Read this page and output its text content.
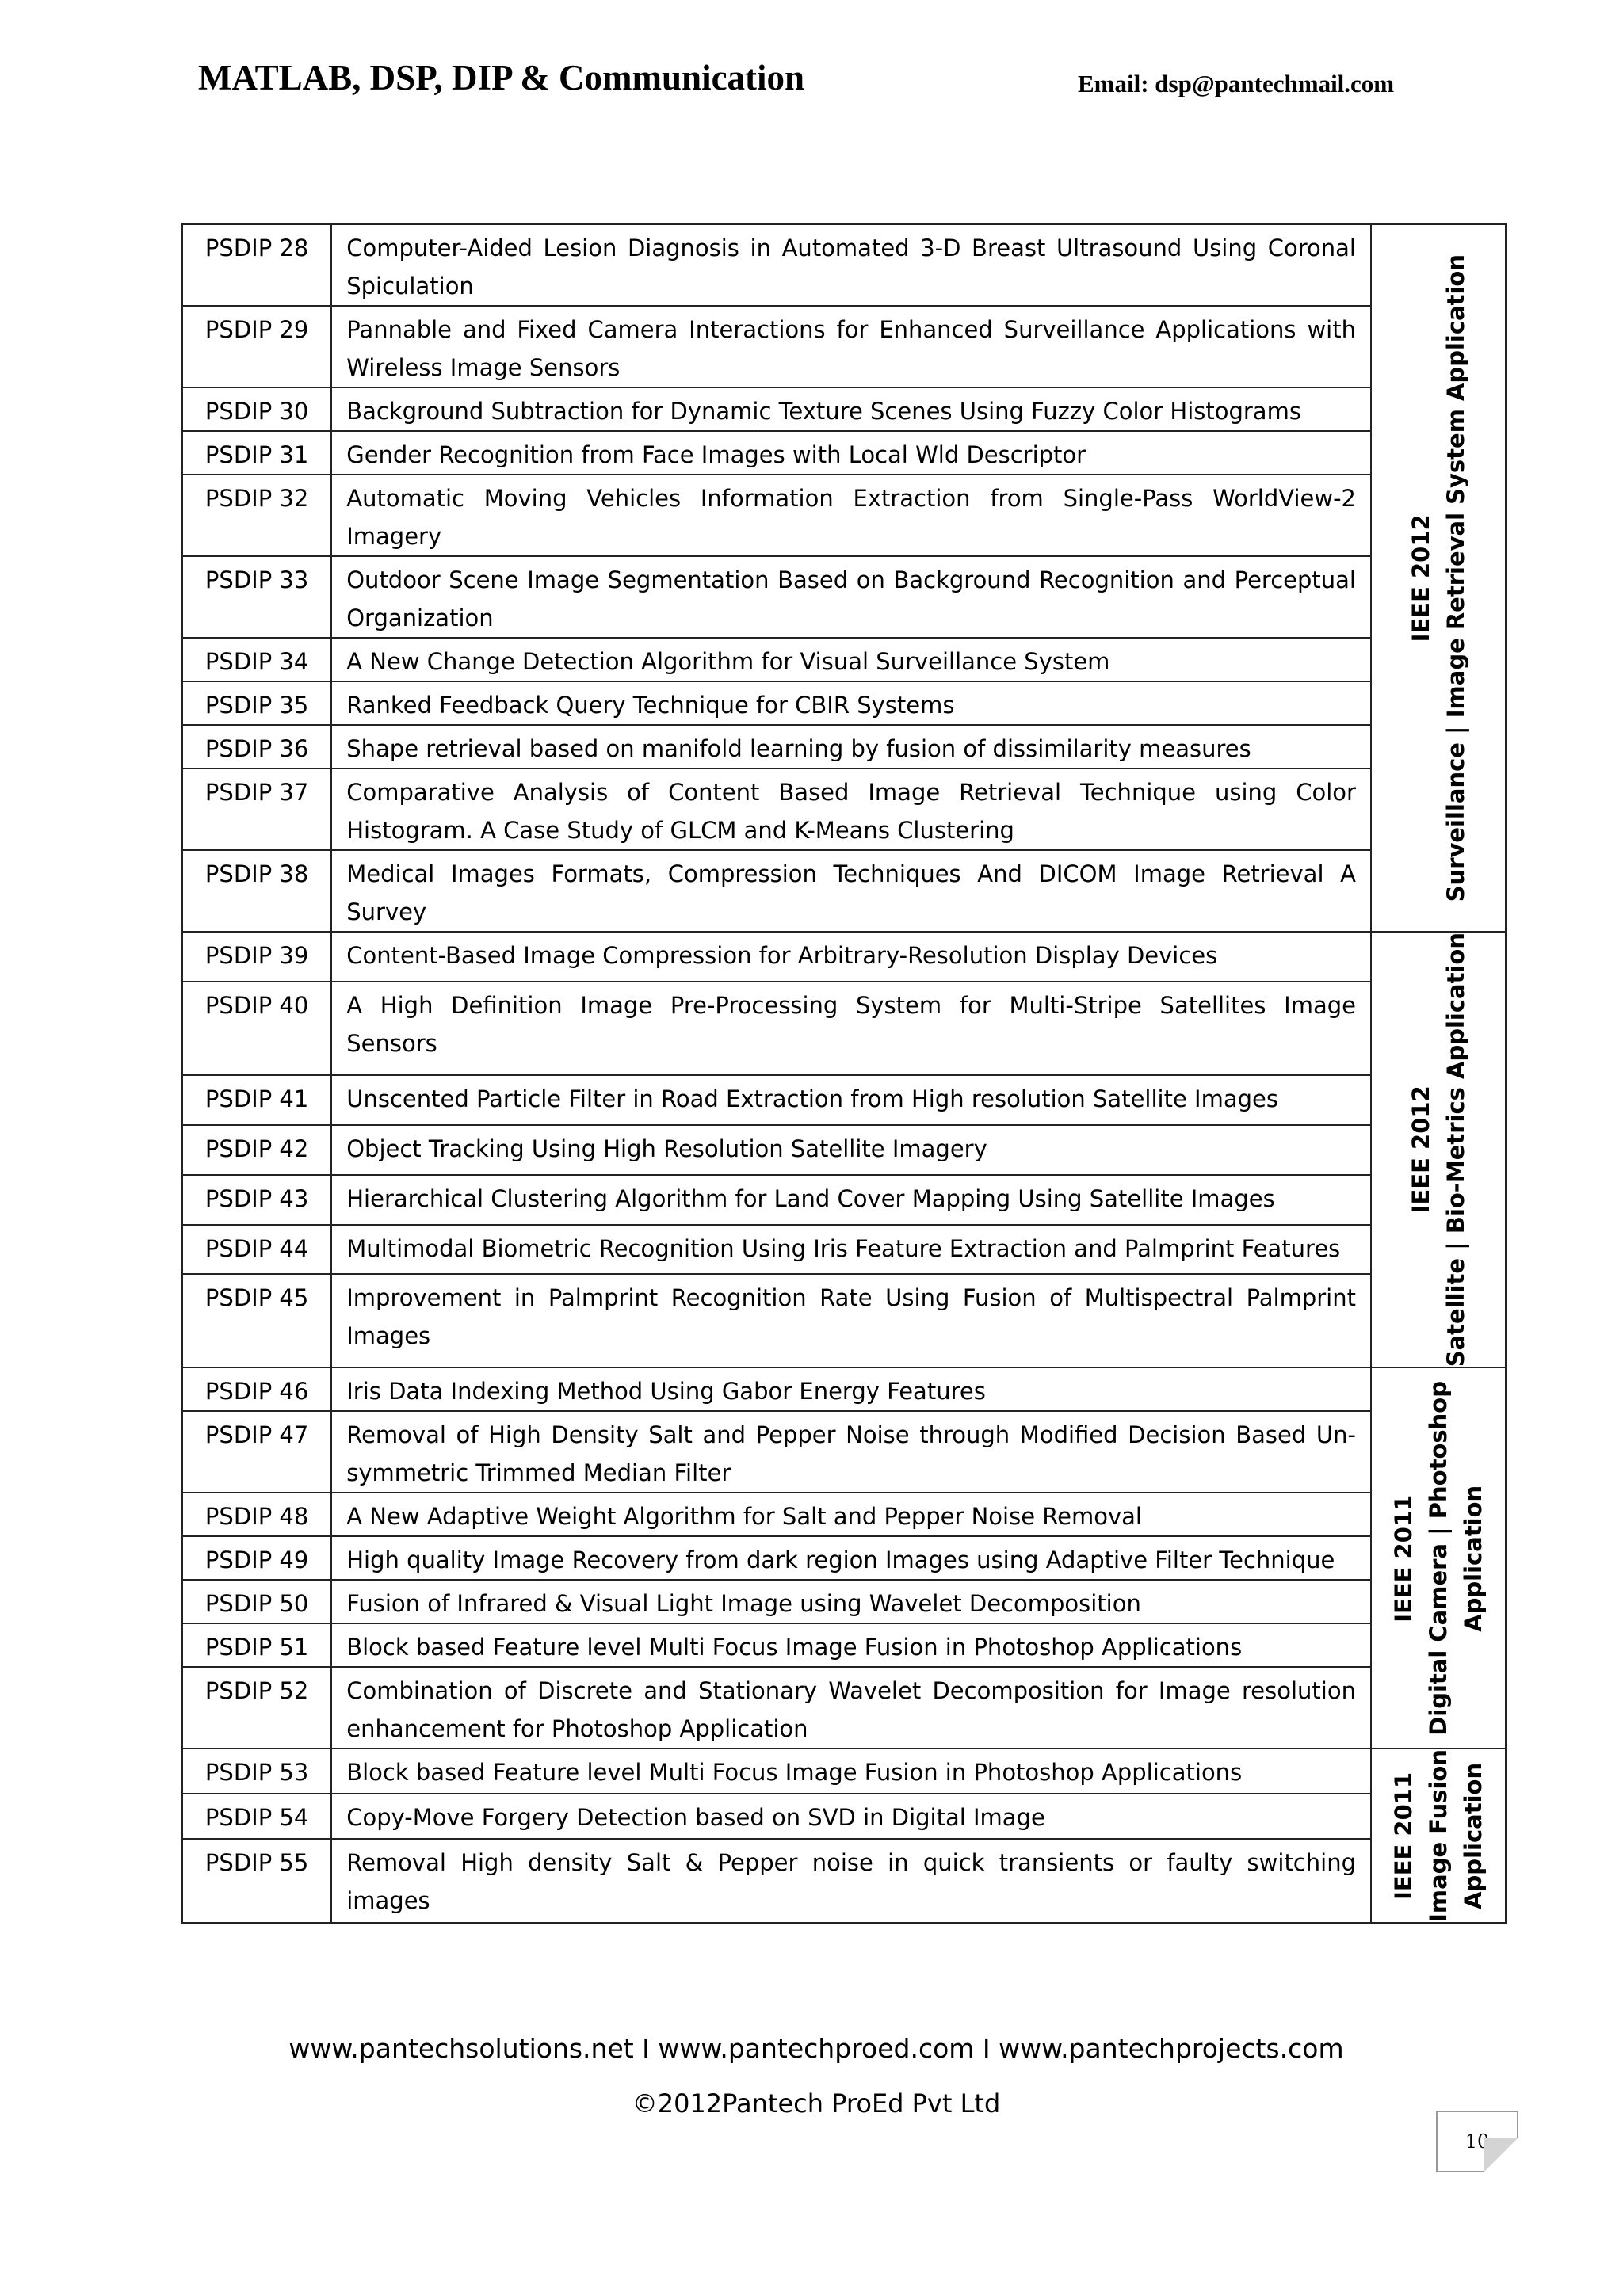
MATLAB, DSP, DIP & Communication	Email: dsp@pantechmail.com
PSDIP 28	Computer-Aided Lesion Diagnosis in Automated 3-D Breast Ultrasound Using Coronal Spiculation	IEEE 2012 Surveillance | Image Retrieval System Application

PSDIP 29	Pannable and Fixed Camera Interactions for Enhanced Surveillance Applications with Wireless Image Sensors	
PSDIP 30	Background Subtraction for Dynamic Texture Scenes Using Fuzzy Color Histograms	
PSDIP 31	Gender Recognition from Face Images with Local Wld Descriptor	
PSDIP 32	Automatic Moving Vehicles Information Extraction from Single-Pass WorldView-2 Imagery	
PSDIP 33	Outdoor Scene Image Segmentation Based on Background Recognition and Perceptual Organization	
PSDIP 34	A New Change Detection Algorithm for Visual Surveillance System	
PSDIP 35	Ranked Feedback Query Technique for CBIR Systems	
PSDIP 36	Shape retrieval based on manifold learning by fusion of dissimilarity measures	
PSDIP 37	Comparative Analysis of Content Based Image Retrieval Technique using Color Histogram. A Case Study of GLCM and K-Means Clustering	
PSDIP 38	Medical Images Formats, Compression Techniques And DICOM Image Retrieval A Survey	
PSDIP 39	Content-Based Image Compression for Arbitrary-Resolution Display Devices	IEEE 2012 Satellite | Bio-Metrics Application

PSDIP 40	A High Definition Image Pre-Processing System for Multi-Stripe Satellites Image Sensors	
PSDIP 41	Unscented Particle Filter in Road Extraction from High resolution Satellite Images	
PSDIP 42	Object Tracking Using High Resolution Satellite Imagery	
PSDIP 43	Hierarchical Clustering Algorithm for Land Cover Mapping Using Satellite Images	
PSDIP 44	Multimodal Biometric Recognition Using Iris Feature Extraction and Palmprint Features	
PSDIP 45	Improvement in Palmprint Recognition Rate Using Fusion of Multispectral Palmprint Images	
PSDIP 46	Iris Data Indexing Method Using Gabor Energy Features	IEEE 2011 Digital Camera | Photoshop Application

PSDIP 47	Removal of High Density Salt and Pepper Noise through Modified Decision Based Un-symmetric Trimmed Median Filter	
PSDIP 48	A New Adaptive Weight Algorithm for Salt and Pepper Noise Removal	
PSDIP 49	High quality Image Recovery from dark region Images using Adaptive Filter Technique	
PSDIP 50	Fusion of Infrared & Visual Light Image using Wavelet Decomposition	
PSDIP 51	Block based Feature level Multi Focus Image Fusion in Photoshop Applications	
PSDIP 52	Combination of Discrete and Stationary Wavelet Decomposition for Image resolution enhancement for Photoshop Application	
PSDIP 53	Block based Feature level Multi Focus Image Fusion in Photoshop Applications	IEEE 2011 Image Fusion Application

PSDIP 54	Copy-Move Forgery Detection based on SVD in Digital Image	
PSDIP 55	Removal High density Salt & Pepper noise in quick transients or faulty switching images	
www.pantechsolutions.net I www.pantechproed.com I www.pantechprojects.com
©2012Pantech ProEd Pvt Ltd
10
